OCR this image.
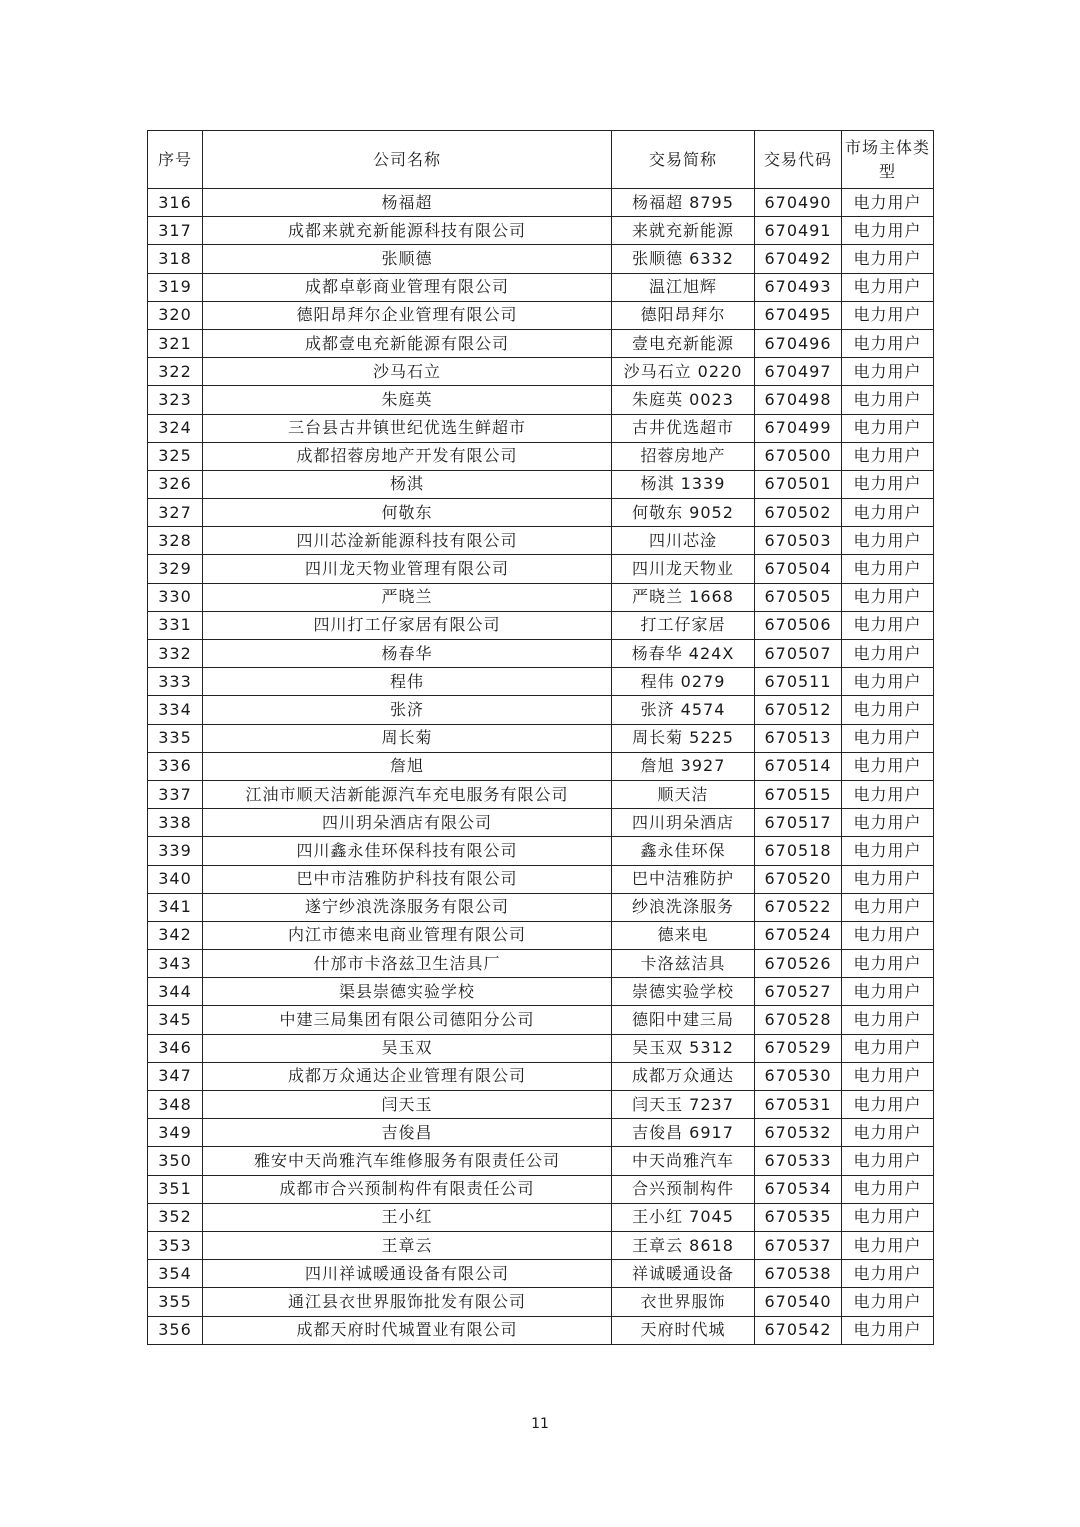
序号	公司名称	交易简称	交易代码	市场主体类型
316	杨福超	杨福超 8795	670490	电力用户
317	成都来就充新能源科技有限公司	来就充新能源	670491	电力用户
318	张顺德	张顺德 6332	670492	电力用户
319	成都卓彰商业管理有限公司	温江旭辉	670493	电力用户
320	德阳昂拜尔企业管理有限公司	德阳昂拜尔	670495	电力用户
321	成都壹电充新能源有限公司	壹电充新能源	670496	电力用户
322	沙马石立	沙马石立 0220	670497	电力用户
323	朱庭英	朱庭英 0023	670498	电力用户
324	三台县古井镇世纪优选生鲜超市	古井优选超市	670499	电力用户
325	成都招蓉房地产开发有限公司	招蓉房地产	670500	电力用户
326	杨淇	杨淇 1339	670501	电力用户
327	何敬东	何敬东 9052	670502	电力用户
328	四川芯淦新能源科技有限公司	四川芯淦	670503	电力用户
329	四川龙天物业管理有限公司	四川龙天物业	670504	电力用户
330	严晓兰	严晓兰 1668	670505	电力用户
331	四川打工仔家居有限公司	打工仔家居	670506	电力用户
332	杨春华	杨春华 424X	670507	电力用户
333	程伟	程伟 0279	670511	电力用户
334	张济	张济 4574	670512	电力用户
335	周长菊	周长菊 5225	670513	电力用户
336	詹旭	詹旭 3927	670514	电力用户
337	江油市顺天洁新能源汽车充电服务有限公司	顺天洁	670515	电力用户
338	四川玥朵酒店有限公司	四川玥朵酒店	670517	电力用户
339	四川鑫永佳环保科技有限公司	鑫永佳环保	670518	电力用户
340	巴中市洁雅防护科技有限公司	巴中洁雅防护	670520	电力用户
341	遂宁纱浪洗涤服务有限公司	纱浪洗涤服务	670522	电力用户
342	内江市德来电商业管理有限公司	德来电	670524	电力用户
343	什邡市卡洛兹卫生洁具厂	卡洛兹洁具	670526	电力用户
344	渠县崇德实验学校	崇德实验学校	670527	电力用户
345	中建三局集团有限公司德阳分公司	德阳中建三局	670528	电力用户
346	吴玉双	吴玉双 5312	670529	电力用户
347	成都万众通达企业管理有限公司	成都万众通达	670530	电力用户
348	闫天玉	闫天玉 7237	670531	电力用户
349	吉俊昌	吉俊昌 6917	670532	电力用户
350	雅安中天尚雅汽车维修服务有限责任公司	中天尚雅汽车	670533	电力用户
351	成都市合兴预制构件有限责任公司	合兴预制构件	670534	电力用户
352	王小红	王小红 7045	670535	电力用户
353	王章云	王章云 8618	670537	电力用户
354	四川祥诚暖通设备有限公司	祥诚暖通设备	670538	电力用户
355	通江县衣世界服饰批发有限公司	衣世界服饰	670540	电力用户
356	成都天府时代城置业有限公司	天府时代城	670542	电力用户
11
